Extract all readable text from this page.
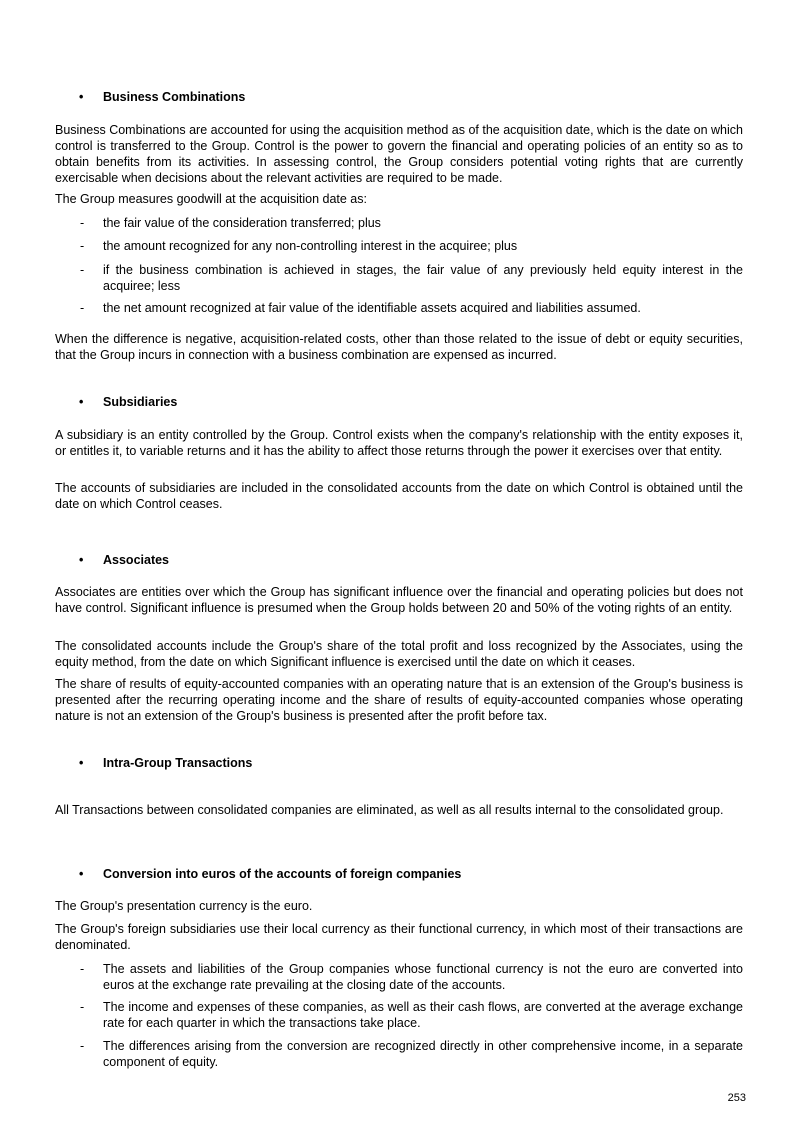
• Business Combinations
Business Combinations are accounted for using the acquisition method as of the acquisition date, which is the date on which control is transferred to the Group. Control is the power to govern the financial and operating policies of an entity so as to obtain benefits from its activities. In assessing control, the Group considers potential voting rights that are currently exercisable when decisions about the relevant activities are required to be made.
The Group measures goodwill at the acquisition date as:
- the fair value of the consideration transferred; plus
- the amount recognized for any non-controlling interest in the acquiree; plus
- if the business combination is achieved in stages, the fair value of any previously held equity interest in the acquiree; less
- the net amount recognized at fair value of the identifiable assets acquired and liabilities assumed.
When the difference is negative, acquisition-related costs, other than those related to the issue of debt or equity securities, that the Group incurs in connection with a business combination are expensed as incurred.
• Subsidiaries
A subsidiary is an entity controlled by the Group. Control exists when the company's relationship with the entity exposes it, or entitles it, to variable returns and it has the ability to affect those returns through the power it exercises over that entity.
The accounts of subsidiaries are included in the consolidated accounts from the date on which Control is obtained until the date on which Control ceases.
• Associates
Associates are entities over which the Group has significant influence over the financial and operating policies but does not have control. Significant influence is presumed when the Group holds between 20 and 50% of the voting rights of an entity.
The consolidated accounts include the Group's share of the total profit and loss recognized by the Associates, using the equity method, from the date on which Significant influence is exercised until the date on which it ceases.
The share of results of equity-accounted companies with an operating nature that is an extension of the Group's business is presented after the recurring operating income and the share of results of equity-accounted companies whose operating nature is not an extension of the Group's business is presented after the profit before tax.
• Intra-Group Transactions
All Transactions between consolidated companies are eliminated, as well as all results internal to the consolidated group.
• Conversion into euros of the accounts of foreign companies
The Group's presentation currency is the euro.
The Group's foreign subsidiaries use their local currency as their functional currency, in which most of their transactions are denominated.
- The assets and liabilities of the Group companies whose functional currency is not the euro are converted into euros at the exchange rate prevailing at the closing date of the accounts.
- The income and expenses of these companies, as well as their cash flows, are converted at the average exchange rate for each quarter in which the transactions take place.
- The differences arising from the conversion are recognized directly in other comprehensive income, in a separate component of equity.
253
